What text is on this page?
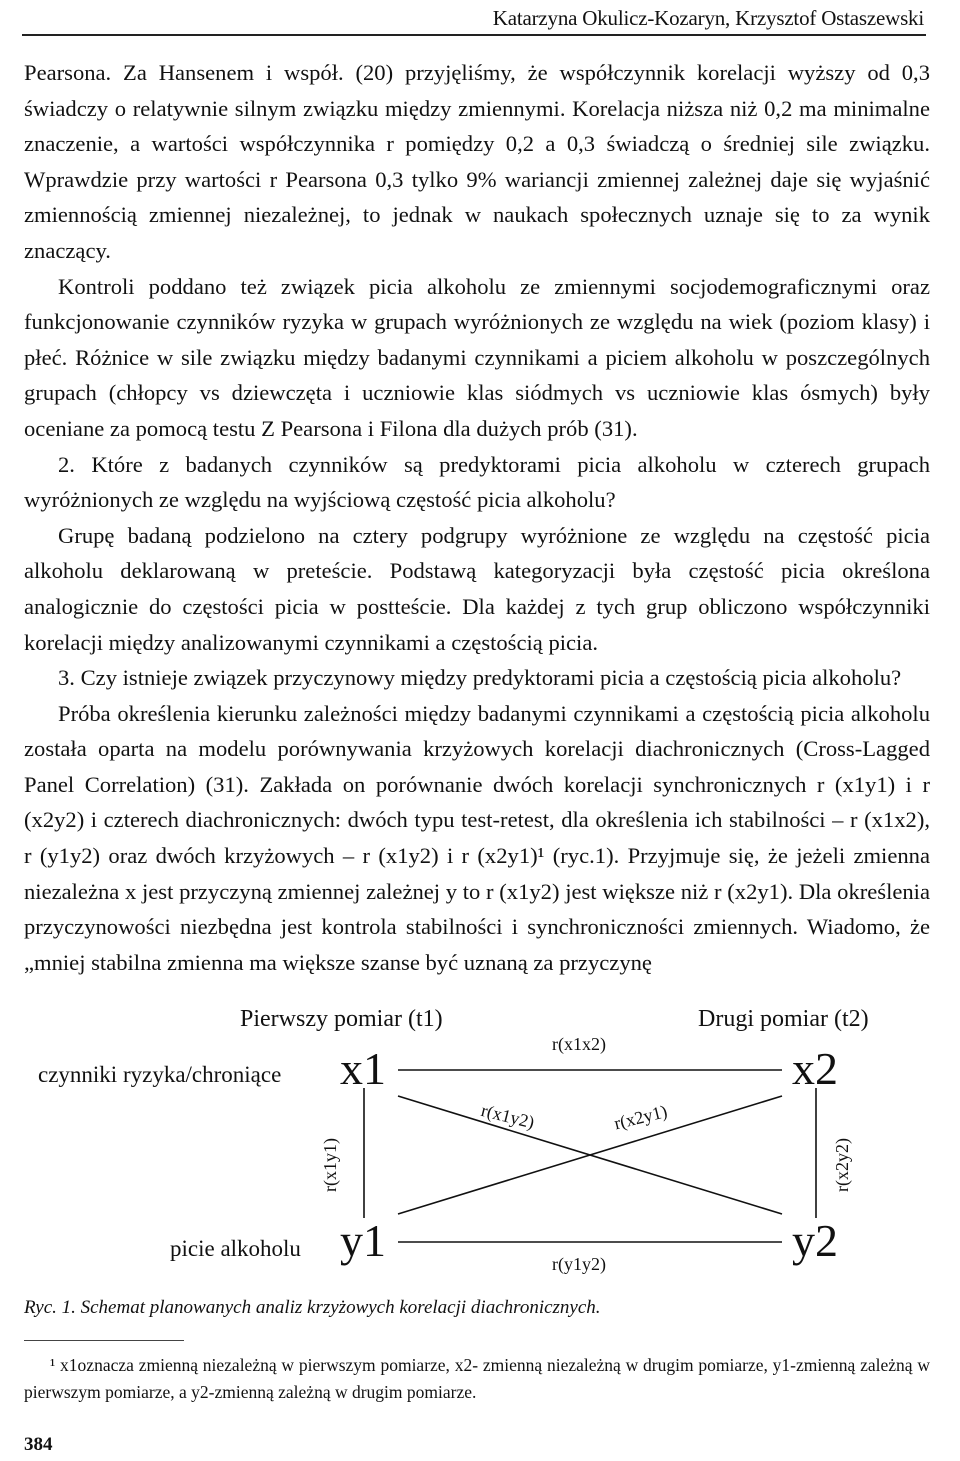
Katarzyna Okulicz-Kozaryn, Krzysztof Ostaszewski

Pearsona. Za Hansenem i współ. (20) przyjęliśmy, że współczynnik korelacji wyższy od 0,3 świadczy o relatywnie silnym związku między zmiennymi. Korelacja niższa niż 0,2 ma minimalne znaczenie, a wartości współczynnika r pomiędzy 0,2 a 0,3 świadczą o średniej sile związku. Wprawdzie przy wartości r Pearsona 0,3 tylko 9% wariancji zmiennej zależnej daje się wyjaśnić zmiennością zmiennej niezależnej, to jednak w naukach społecznych uznaje się to za wynik znaczący.

Kontroli poddano też związek picia alkoholu ze zmiennymi socjodemograficznymi oraz funkcjonowanie czynników ryzyka w grupach wyróżnionych ze względu na wiek (poziom klasy) i płeć. Różnice w sile związku między badanymi czynnikami a piciem alkoholu w poszczególnych grupach (chłopcy vs dziewczęta i uczniowie klas siódmych vs uczniowie klas ósmych) były oceniane za pomocą testu Z Pearsona i Filona dla dużych prób (31).

2. Które z badanych czynników są predyktorami picia alkoholu w czterech grupach wyróżnionych ze względu na wyjściową częstość picia alkoholu?

Grupę badaną podzielono na cztery podgrupy wyróżnione ze względu na częstość picia alkoholu deklarowaną w preteście. Podstawą kategoryzacji była częstość picia określona analogicznie do częstości picia w postteście. Dla każdej z tych grup obliczono współczynniki korelacji między analizowanymi czynnikami a częstością picia.

3. Czy istnieje związek przyczynowy między predyktorami picia a częstością picia alkoholu?

Próba określenia kierunku zależności między badanymi czynnikami a częstością picia alkoholu została oparta na modelu porównywania krzyżowych korelacji diachronicznych (Cross-Lagged Panel Correlation) (31). Zakłada on porównanie dwóch korelacji synchronicznych r (x1y1) i r (x2y2) i czterech diachronicznych: dwóch typu test-retest, dla określenia ich stabilności – r (x1x2), r (y1y2) oraz dwóch krzyżowych – r (x1y2) i r (x2y1)¹ (ryc.1). Przyjmuje się, że jeżeli zmienna niezależna x jest przyczyną zmiennej zależnej y to r (x1y2) jest większe niż r (x2y1). Dla określenia przyczynowości niezbędna jest kontrola stabilności i synchroniczności zmiennych. Wiadomo, że „mniej stabilna zmienna ma większe szanse być uznaną za przyczynę

Pierwszy pomiar (t1)	Drugi pomiar (t2)
czynniki ryzyka/chroniące
picie alkoholu
x1	x2
y1	y2
r(x1x2)
r(y1y2)
r(x1y2)	r(x2y1)
r(x1y1)	r(x2y2)
Ryc. 1. Schemat planowanych analiz krzyżowych korelacji diachronicznych.
¹ x1oznacza zmienną niezależną w pierwszym pomiarze, x2- zmienną niezależną w drugim pomiarze, y1-zmienną zależną w pierwszym pomiarze, a y2-zmienną zależną w drugim pomiarze.
384
